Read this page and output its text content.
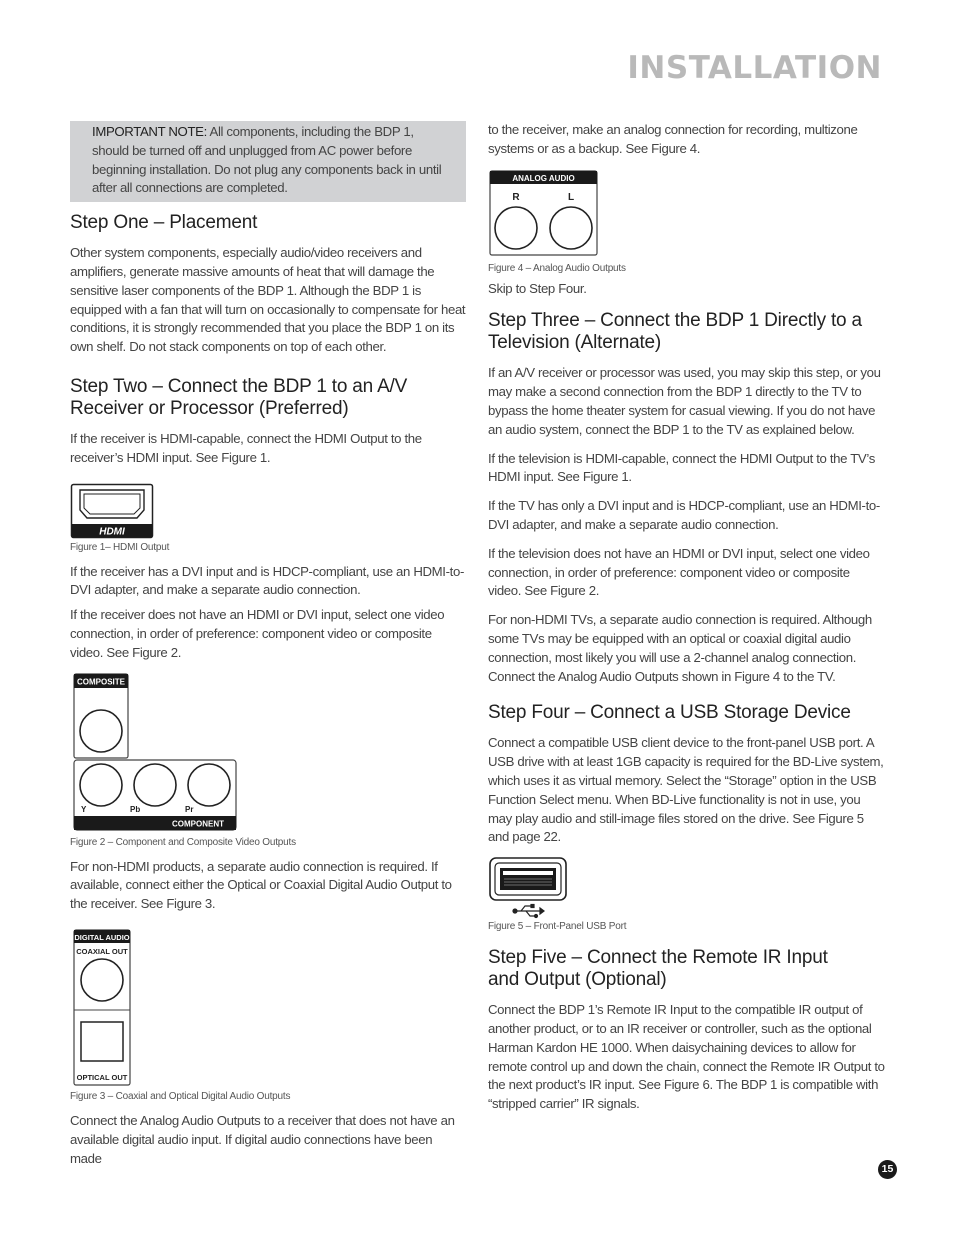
INSTALLATION

IMPORTANT NOTE: All components, including the BDP 1, should be turned off and unplugged from AC power before beginning installation. Do not plug any components back in until after all connections are completed.

Step One – Placement

Other system components, especially audio/video receivers and amplifiers, generate massive amounts of heat that will damage the sensitive laser components of the BDP 1. Although the BDP 1 is equipped with a fan that will turn on occasionally to compensate for heat conditions, it is strongly recommended that you place the BDP 1 on its own shelf. Do not stack components on top of each other.

Step Two – Connect the BDP 1 to an A/V Receiver or Processor (Preferred)

If the receiver is HDMI-capable, connect the HDMI Output to the receiver’s HDMI input. See Figure 1.

HDMI
Figure 1– HDMI Output

If the receiver has a DVI input and is HDCP-compliant, use an HDMI-to-DVI adapter, and make a separate audio connection.

If the receiver does not have an HDMI or DVI input, select one video connection, in order of preference: component video or composite video. See Figure 2.

COMPOSITE
Y	Pb	Pr
COMPONENT
Figure 2 – Component and Composite Video Outputs

For non-HDMI products, a separate audio connection is required. If available, connect either the Optical or Coaxial Digital Audio Output to the receiver. See Figure 3.

DIGITAL AUDIO
COAXIAL OUT
OPTICAL OUT
Figure 3 – Coaxial and Optical Digital Audio Outputs

Connect the Analog Audio Outputs to a receiver that does not have an available digital audio input. If digital audio connections have been made

to the receiver, make an analog connection for recording, multizone systems or as a backup. See Figure 4.

ANALOG AUDIO
R	L
Figure 4 – Analog Audio Outputs

Skip to Step Four.

Step Three – Connect the BDP 1 Directly to a Television (Alternate)

If an A/V receiver or processor was used, you may skip this step, or you may make a second connection from the BDP 1 directly to the TV to bypass the home theater system for casual viewing. If you do not have an audio system, connect the BDP 1 to the TV as explained below.

If the television is HDMI-capable, connect the HDMI Output to the TV’s HDMI input. See Figure 1.

If the TV has only a DVI input and is HDCP-compliant, use an HDMI-to-DVI adapter, and make a separate audio connection.

If the television does not have an HDMI or DVI input, select one video connection, in order of preference: component video or composite video. See Figure 2.

For non-HDMI TVs, a separate audio connection is required. Although some TVs may be equipped with an optical or coaxial digital audio connection, most likely you will use a 2-channel analog connection. Connect the Analog Audio Outputs shown in Figure 4 to the TV.

Step Four – Connect a USB Storage Device

Connect a compatible USB client device to the front-panel USB port. A USB drive with at least 1GB capacity is required for the BD-Live system, which uses it as virtual memory. Select the “Storage” option in the USB Function Select menu. When BD-Live functionality is not in use, you may play audio and still-image files stored on the drive. See Figure 5 and page 22.

Figure 5 – Front-Panel USB Port
Step Five – Connect the Remote IR Input and Output (Optional)

Connect the BDP 1’s Remote IR Input to the compatible IR output of another product, or to an IR receiver or controller, such as the optional Harman Kardon HE 1000. When daisychaining devices to allow for remote control up and down the chain, connect the Remote IR Output to the next product’s IR input. See Figure 6. The BDP 1 is compatible with “stripped carrier” IR signals.

15
